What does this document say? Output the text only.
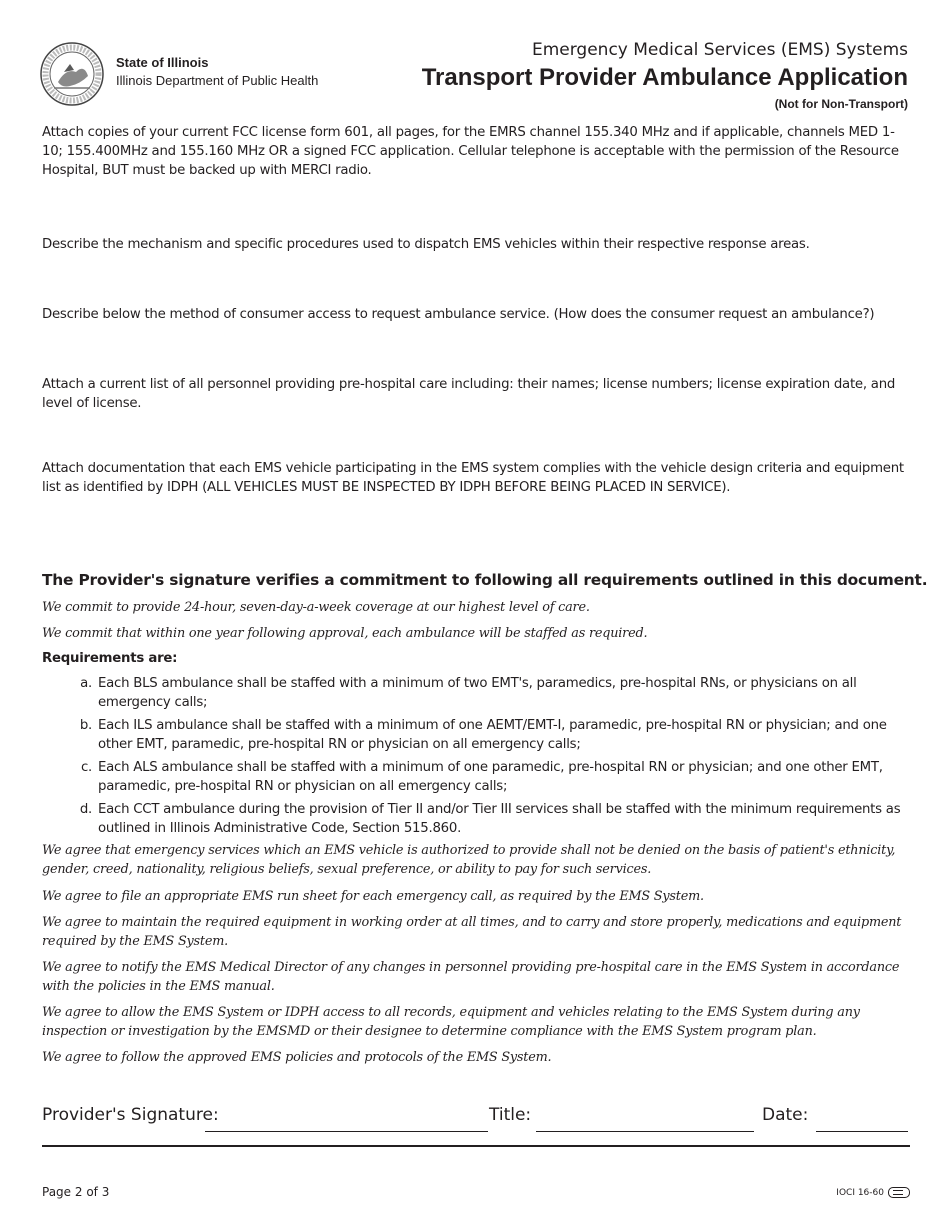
State of Illinois
Illinois Department of Public Health
Emergency Medical Services (EMS) Systems
Transport Provider Ambulance Application
(Not for Non-Transport)
Attach copies of your current FCC license form 601, all pages, for the EMRS channel 155.340 MHz and if applicable, channels MED 1-10; 155.400MHz and 155.160 MHz OR a signed FCC application. Cellular telephone is acceptable with the permission of the Resource Hospital, BUT must be backed up with MERCI radio.
Describe the mechanism and specific procedures used to dispatch EMS vehicles within their respective response areas.
Describe below the method of consumer access to request ambulance service. (How does the consumer request an ambulance?)
Attach a current list of all personnel providing pre-hospital care including: their names; license numbers; license expiration date, and level of license.
Attach documentation that each EMS vehicle participating in the EMS system complies with the vehicle design criteria and equipment list as identified by IDPH (ALL VEHICLES MUST BE INSPECTED BY IDPH BEFORE BEING PLACED IN SERVICE).
The Provider's signature verifies a commitment to following all requirements outlined in this document.
We commit to provide 24-hour, seven-day-a-week coverage at our highest level of care.
We commit that within one year following approval, each ambulance will be staffed as required.
Requirements are:
a. Each BLS ambulance shall be staffed with a minimum of two EMT's, paramedics, pre-hospital RNs, or physicians on all emergency calls;
b. Each ILS ambulance shall be staffed with a minimum of one AEMT/EMT-I, paramedic, pre-hospital RN or physician; and one other EMT, paramedic, pre-hospital RN or physician on all emergency calls;
c. Each ALS ambulance shall be staffed with a minimum of one paramedic, pre-hospital RN or physician; and one other EMT, paramedic, pre-hospital RN or physician on all emergency calls;
d. Each CCT ambulance during the provision of Tier II and/or Tier III services shall be staffed with the minimum requirements as outlined in Illinois Administrative Code, Section 515.860.
We agree that emergency services which an EMS vehicle is authorized to provide shall not be denied on the basis of patient's ethnicity, gender, creed, nationality, religious beliefs, sexual preference, or ability to pay for such services.
We agree to file an appropriate EMS run sheet for each emergency call, as required by the EMS System.
We agree to maintain the required equipment in working order at all times, and to carry and store properly, medications and equipment required by the EMS System.
We agree to notify the EMS Medical Director of any changes in personnel providing pre-hospital care in the EMS System in accordance with the policies in the EMS manual.
We agree to allow the EMS System or IDPH access to all records, equipment and vehicles relating to the EMS System during any inspection or investigation by the EMSMD or their designee to determine compliance with the EMS System program plan.
We agree to follow the approved EMS policies and protocols of the EMS System.
Provider's Signature:	Title:	Date:
Page 2 of 3	IOCI 16-60
